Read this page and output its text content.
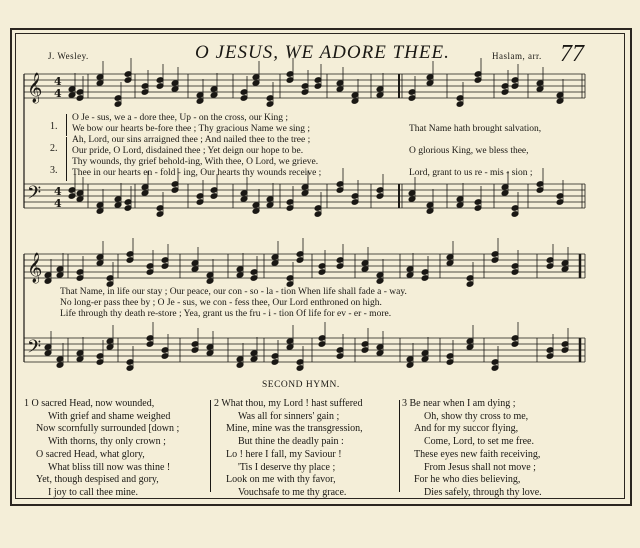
J. Wesley.	O JESUS, WE ADORE THEE.	Haslam, arr. 77
𝄞
𝄢
𝄞
𝄢
4
4
4
4
1.
2.
3.
O Je - sus, we a - dore thee, Up - on the cross, our King ;
We bow our hearts be-fore thee ; Thy gracious Name we sing ;
Ah, Lord, our sins arraigned thee ; And nailed thee to the tree ;
Our pride, O Lord, disdained thee ; Yet deign our hope to be.
Thy wounds, thy grief behold-ing, With thee, O Lord, we grieve.
Thee in our hearts en - fold - ing, Our hearts thy wounds receive ;
That Name hath brought salvation,
O glorious King, we bless thee,
Lord, grant to us re - mis - sion ;
That Name, in life our stay ; Our peace, our con - so - la - tion When life shall fade a - way.
No long-er pass thee by ; O Je - sus, we con - fess thee, Our Lord enthroned on high.
Life through thy death re-store ; Yea, grant us the fru - i - tion Of life for ev - er - more.
SECOND HYMN.
1 O sacred Head, now wounded,
With grief and shame weighed
Now scornfully surrounded [down ;
With thorns, thy only crown ;
O sacred Head, what glory,
What bliss till now was thine !
Yet, though despised and gory,
I joy to call thee mine.
2 What thou, my Lord ! hast suffered
Was all for sinners' gain ;
Mine, mine was the transgression,
But thine the deadly pain :
Lo ! here I fall, my Saviour !
'Tis I deserve thy place ;
Look on me with thy favor,
Vouchsafe to me thy grace.
3 Be near when I am dying ;
Oh, show thy cross to me,
And for my succor flying,
Come, Lord, to set me free.
These eyes new faith receiving,
From Jesus shall not move ;
For he who dies believing,
Dies safely, through thy love.
